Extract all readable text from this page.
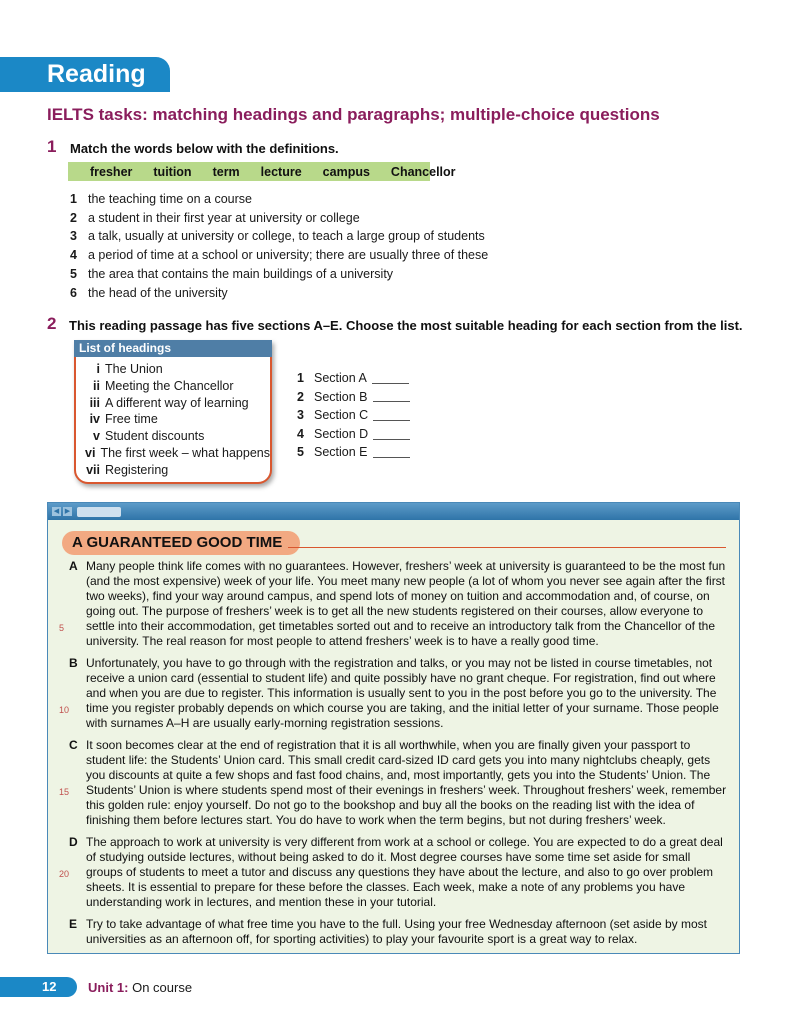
Reading
IELTS tasks: matching headings and paragraphs; multiple-choice questions
1 Match the words below with the definitions.
fresher tuition term lecture campus Chancellor
1 the teaching time on a course
2 a student in their first year at university or college
3 a talk, usually at university or college, to teach a large group of students
4 a period of time at a school or university; there are usually three of these
5 the area that contains the main buildings of a university
6 the head of the university
2 This reading passage has five sections A–E. Choose the most suitable heading for each section from the list.
List of headings
i The Union
ii Meeting the Chancellor
iii A different way of learning
iv Free time
v Student discounts
vi The first week – what happens
vii Registering
1 Section A
2 Section B
3 Section C
4 Section D
5 Section E
◀ ▶
A GUARANTEED GOOD TIME
A Many people think life comes with no guarantees. However, freshers’ week at university is guaranteed to be the most fun (and the most expensive) week of your life. You meet many new people (a lot of whom you never see again after the first two weeks), find your way around campus, and spend lots of money on tuition and accommodation and, of course, on going out. The purpose of freshers’ week is to get all the new students registered on their courses, allow everyone to settle into their accommodation, get timetables sorted out and to receive an introductory talk from the Chancellor of the university. The real reason for most people to attend freshers’ week is to have a really good time.
B Unfortunately, you have to go through with the registration and talks, or you may not be listed in course timetables, not receive a union card (essential to student life) and quite possibly have no grant cheque. For registration, find out where and when you are due to register. This information is usually sent to you in the post before you go to the university. The time you register probably depends on which course you are taking, and the initial letter of your surname. Those people with surnames A–H are usually early-morning registration sessions.
C It soon becomes clear at the end of registration that it is all worthwhile, when you are finally given your passport to student life: the Students’ Union card. This small credit card-sized ID card gets you into many nightclubs cheaply, gets you discounts at quite a few shops and fast food chains, and, most importantly, gets you into the Students’ Union. The Students’ Union is where students spend most of their evenings in freshers’ week. Throughout freshers’ week, remember this golden rule: enjoy yourself. Do not go to the bookshop and buy all the books on the reading list with the idea of finishing them before lectures start. You do have to work when the term begins, but not during freshers’ week.
D The approach to work at university is very different from work at a school or college. You are expected to do a great deal of studying outside lectures, without being asked to do it. Most degree courses have some time set aside for small groups of students to meet a tutor and discuss any questions they have about the lecture, and also to go over problem sheets. It is essential to prepare for these before the classes. Each week, make a note of any problems you have understanding work in lectures, and mention these in your tutorial.
E Try to take advantage of what free time you have to the full. Using your free Wednesday afternoon (set aside by most universities as an afternoon off, for sporting activities) to play your favourite sport is a great way to relax.
5
10
15
20
12	Unit 1: On course
